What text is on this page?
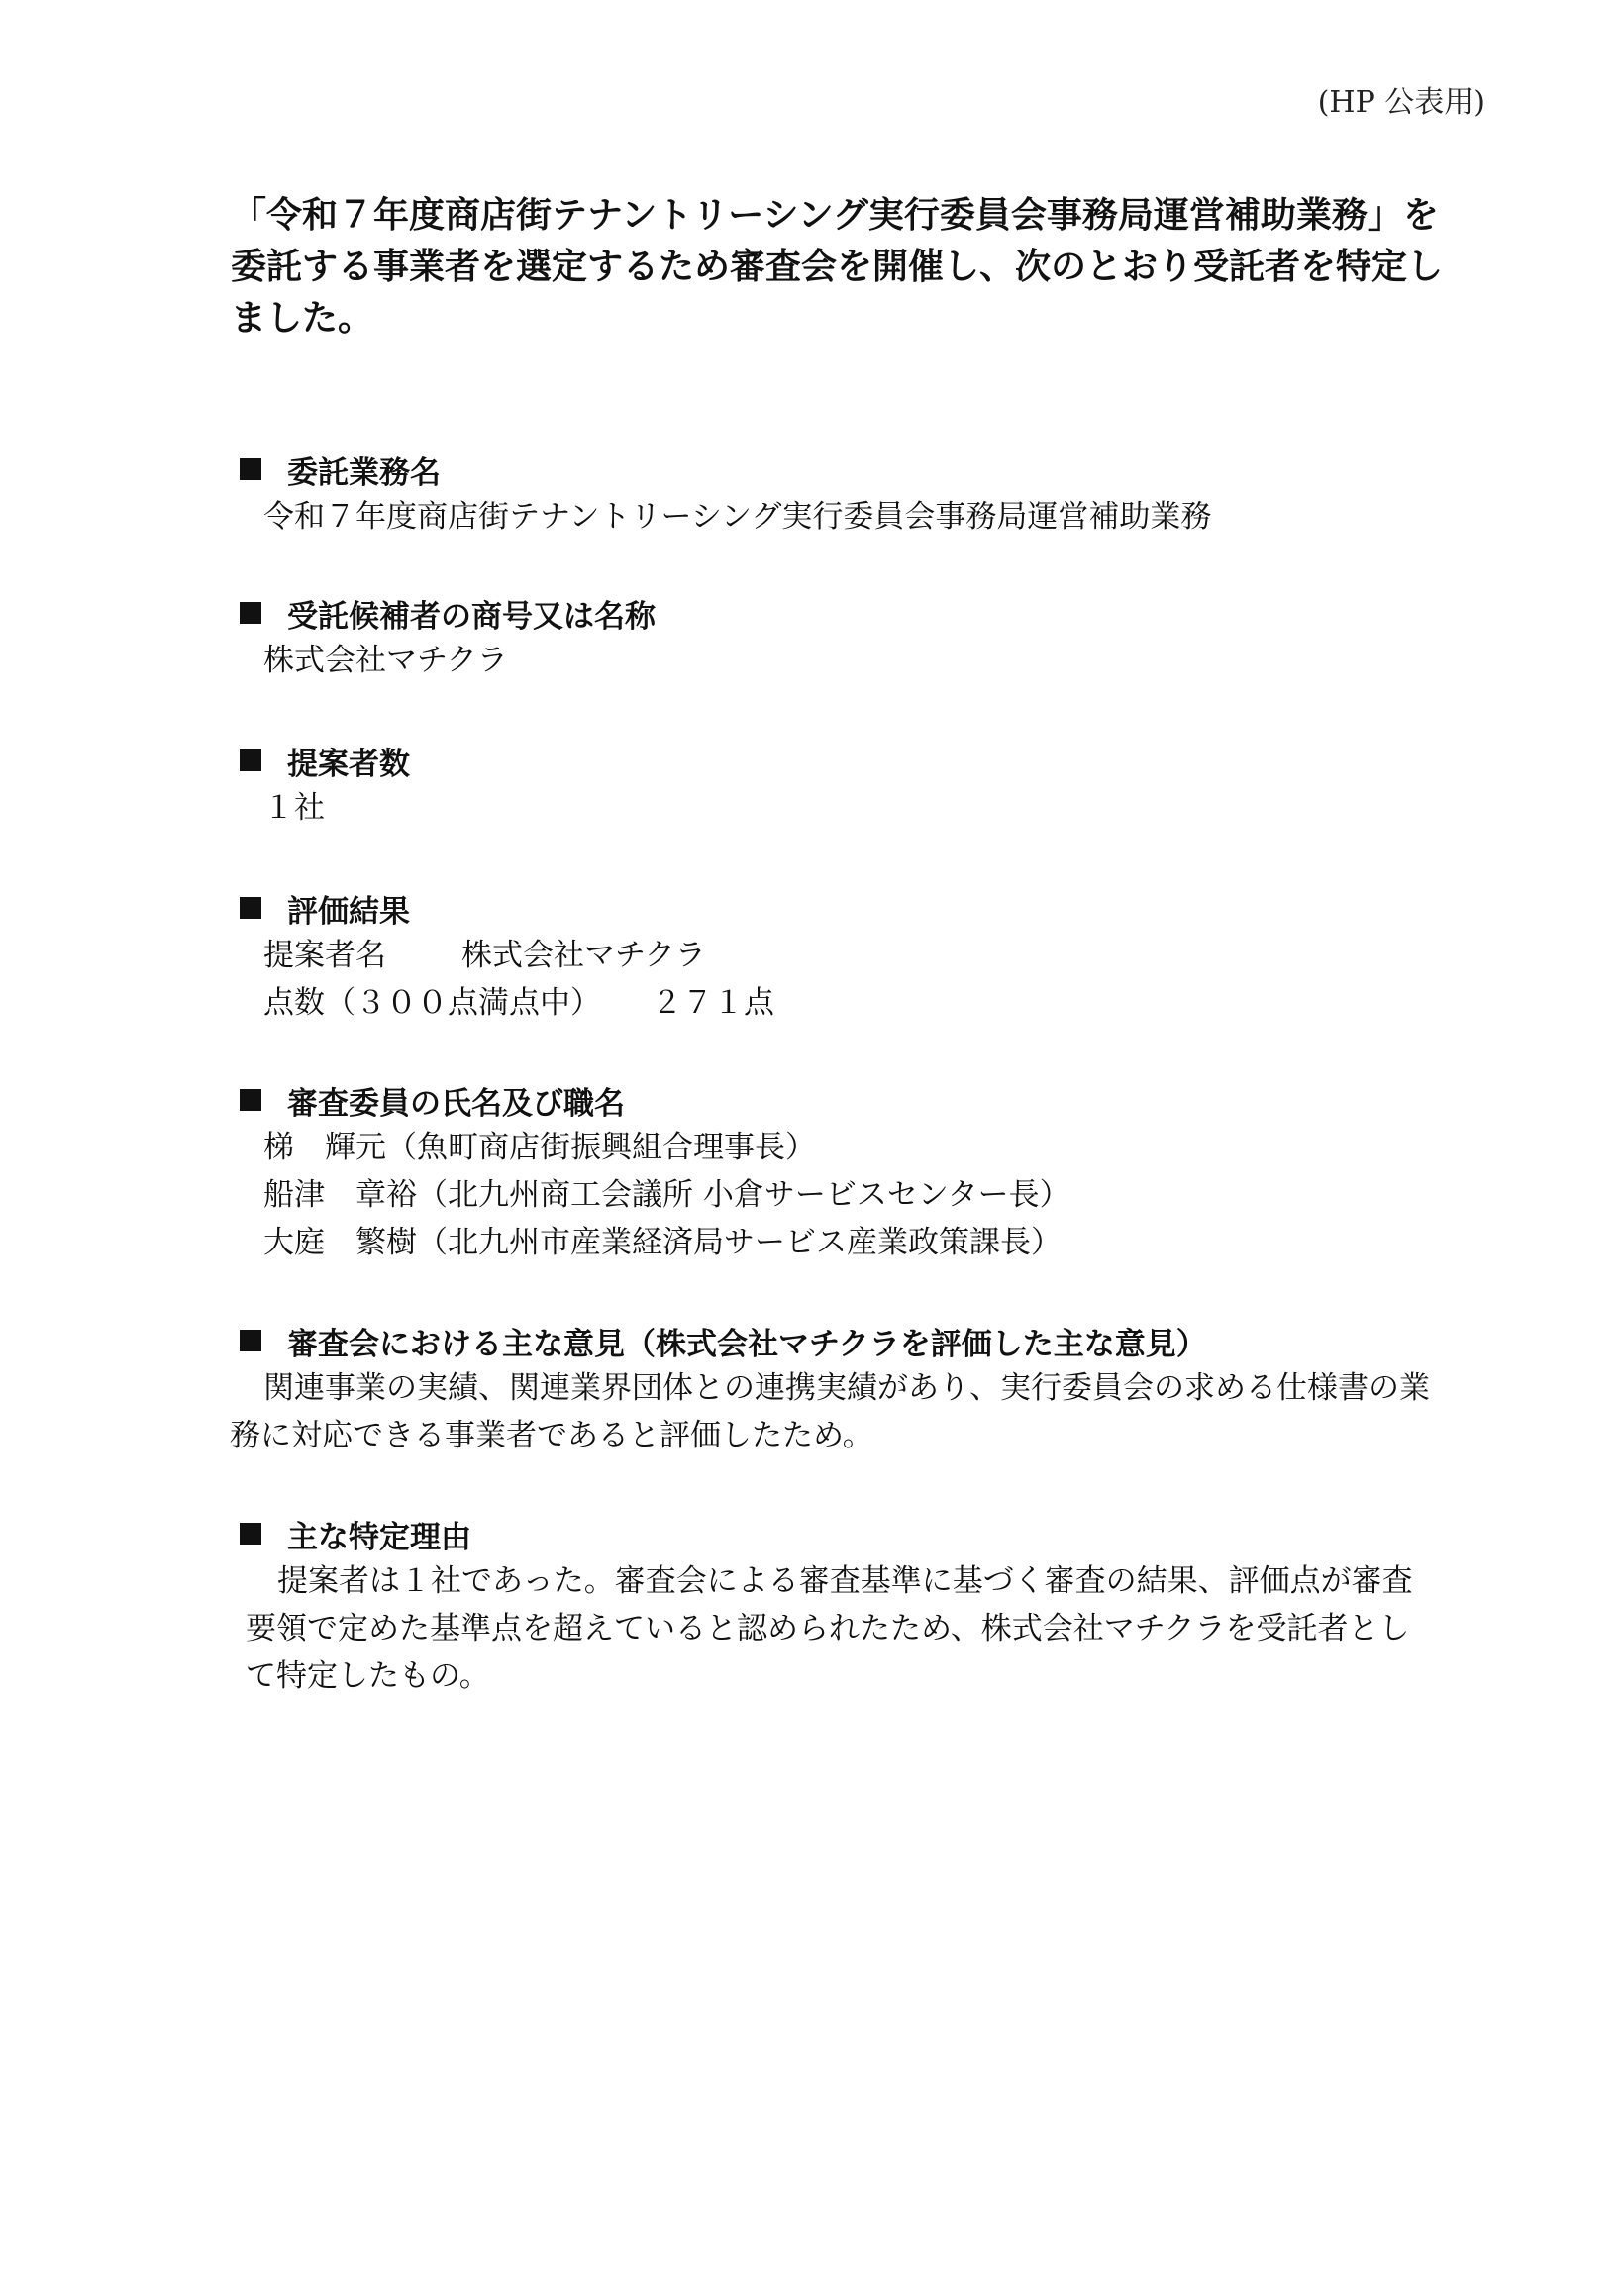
(HP 公表用)
「令和７年度商店街テナントリーシング実行委員会事務局運営補助業務」を
委託する事業者を選定するため審査会を開催し、次のとおり受託者を特定し
ました。
委託業務名
令和７年度商店街テナントリーシング実行委員会事務局運営補助業務
受託候補者の商号又は名称
株式会社マチクラ
提案者数
１社
評価結果
提案者名	株式会社マチクラ
点数（３００点満点中）	２７１点
審査委員の氏名及び職名
梯　輝元 （魚町商店街振興組合理事長）
船津　章裕 （北九州商工会議所 小倉サービスセンター長）
大庭　繁樹 （北九州市産業経済局サービス産業政策課長）
審査会における主な意見（株式会社マチクラを評価した主な意見）
関連事業の実績、関連業界団体との連携実績があり、実行委員会の求める仕様書の業
務に対応できる事業者であると評価したため。
主な特定理由
提案者は１社であった。審査会による審査基準に基づく審査の結果、評価点が審査
要領で定めた基準点を超えていると認められたため、株式会社マチクラを受託者とし
て特定したもの。
